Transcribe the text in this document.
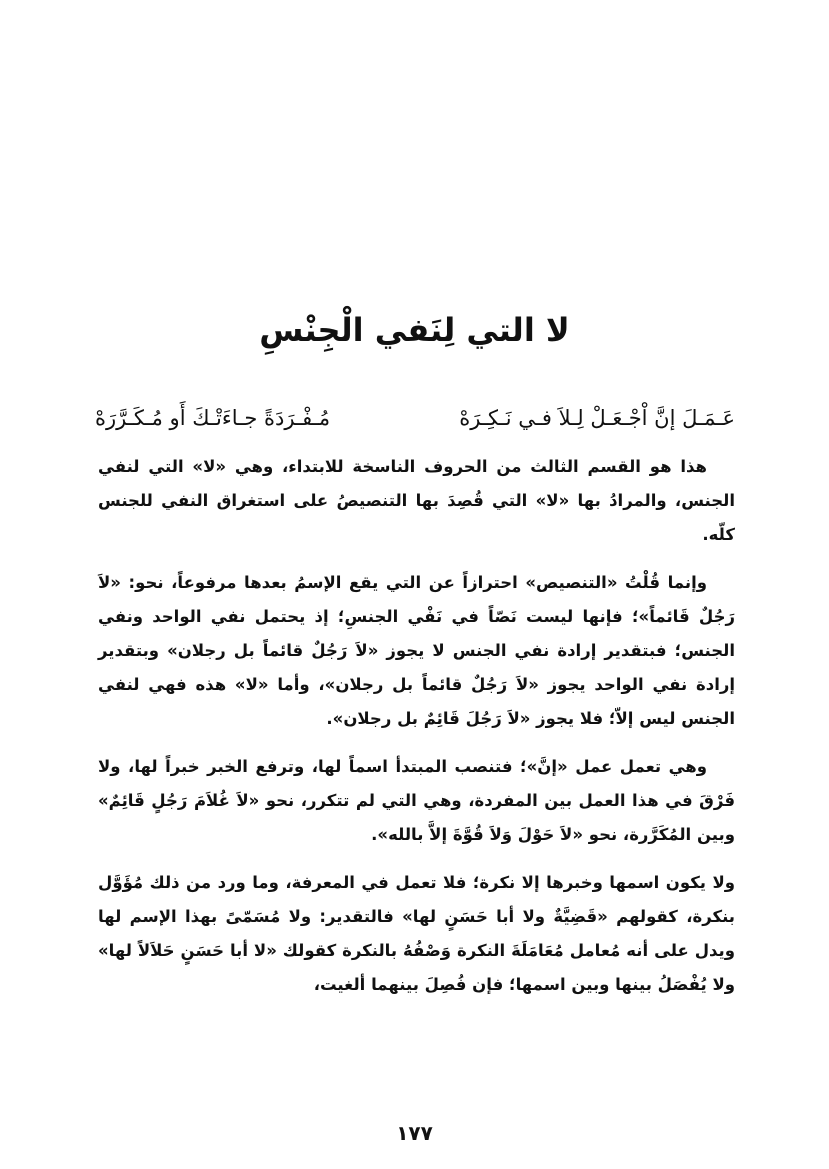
لا التي لِنَفي الْجِنْسِ
عَـمَـلَ إنَّ اْجْـعَـلْ لِـلاَ فـي نَـكِـرَهْ
مُـفْـرَدَةً جـاءَتْـكَ أَو مُـكَـرَّرَهْ

هذا هو القسم الثالث من الحروف الناسخة للابتداء، وهي «لا» التي لنفي الجنس، والمرادُ بها «لا» التي قُصِدَ بها التنصيصُ على استغراق النفي للجنس كلّه.

وإنما قُلْتُ «التنصيص» احترازاً عن التي يقع الإسمُ بعدها مرفوعاً، نحو: «لاَ رَجُلٌ قَائماً»؛ فإنها ليست نَصّاً في نَفْي الجنسِ؛ إذ يحتمل نفي الواحد ونفي الجنس؛ فبتقدير إرادة نفي الجنس لا يجوز «لاَ رَجُلٌ قائماً بل رجلان» وبتقدير إرادة نفي الواحد يجوز «لاَ رَجُلٌ قائماً بل رجلان»، وأما «لا» هذه فهي لنفي الجنس ليس إلاّ؛ فلا يجوز «لاَ رَجُلَ قَائِمٌ بل رجلان».

وهي تعمل عمل «إنَّ»؛ فتنصب المبتدأ اسماً لها، وترفع الخبر خبراً لها، ولا فَرْقَ في هذا العمل بين المفردة، وهي التي لم تتكرر، نحو «لاَ غُلاَمَ رَجُلٍ قَائِمٌ» وبين المُكَرَّرة، نحو «لاَ حَوْلَ وَلاَ قُوَّةَ إلاَّ بالله».

ولا يكون اسمها وخبرها إلا نكرة؛ فلا تعمل في المعرفة، وما ورد من ذلك مُؤَوَّل بنكرة، كقولهم «قَضِيَّةٌ ولا أبا حَسَنٍ لها» فالتقدير: ولا مُسَمّىً بهذا الإسم لها ويدل على أنه مُعامل مُعَامَلَةَ النكرة وَصْفُهُ بالنكرة كقولك «لا أبا حَسَنٍ حَلاَلاً لها» ولا يُفْصَلُ بينها وبين اسمها؛ فإن فُصِلَ بينهما ألغيت،

١٧٧
